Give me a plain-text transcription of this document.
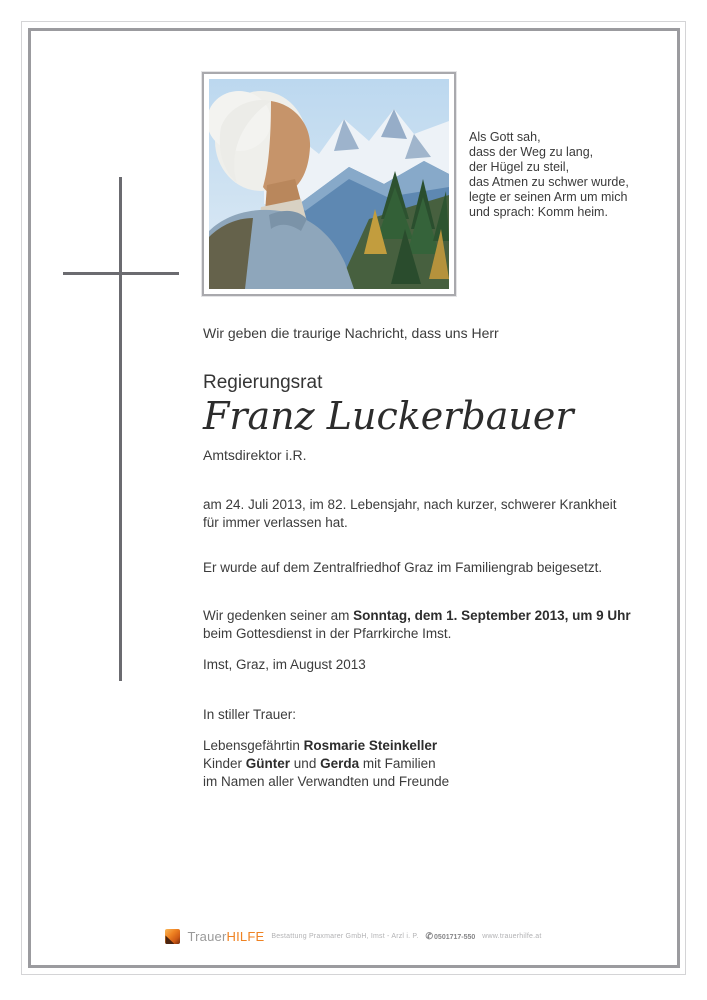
Als Gott sah,
dass der Weg zu lang,
der Hügel zu steil,
das Atmen zu schwer wurde,
legte er seinen Arm um mich
und sprach: Komm heim.
Wir geben die traurige Nachricht, dass uns Herr
Regierungsrat
Franz Luckerbauer
Amtsdirektor i.R.
am 24. Juli 2013, im 82. Lebensjahr, nach kurzer, schwerer Krankheit
für immer verlassen hat.
Er wurde auf dem Zentralfriedhof Graz im Familiengrab beigesetzt.
Wir gedenken seiner am Sonntag, dem 1. September 2013, um 9 Uhr
beim Gottesdienst in der Pfarrkirche Imst.
Imst, Graz, im August 2013
In stiller Trauer:
Lebensgefährtin Rosmarie Steinkeller
Kinder Günter und Gerda mit Familien
im Namen aller Verwandten und Freunde
TrauerHILFE Bestattung Praxmarer GmbH, Imst - Arzl i. P. ✆0501717-550 www.trauerhilfe.at
